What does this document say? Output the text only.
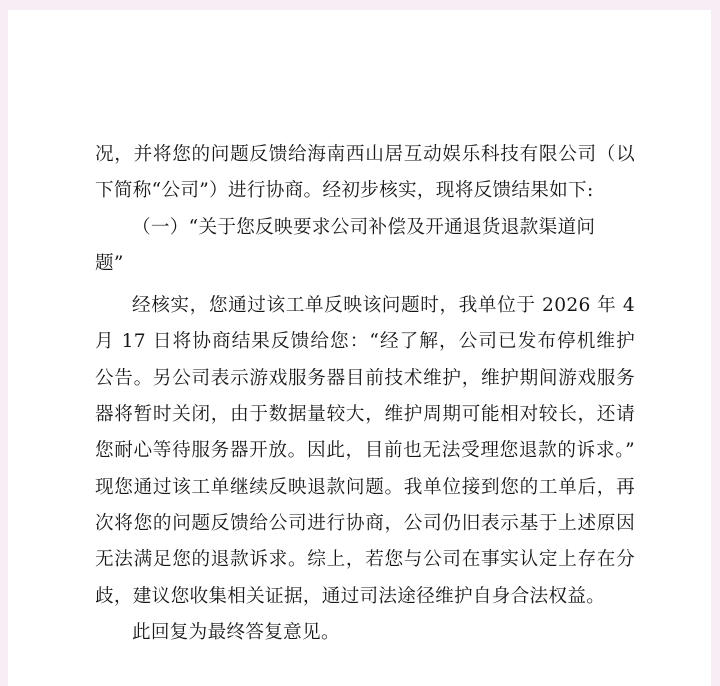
况，并将您的问题反馈给海南西山居互动娱乐科技有限公司（以
下简称“公司”）进行协商。经初步核实，现将反馈结果如下:
（一）“关于您反映要求公司补偿及开通退货退款渠道问
题”
经核实，您通过该工单反映该问题时，我单位于 2026 年 4
月 17 日将协商结果反馈给您：“经了解，公司已发布停机维护
公告。另公司表示游戏服务器目前技术维护，维护期间游戏服务
器将暂时关闭，由于数据量较大，维护周期可能相对较长，还请
您耐心等待服务器开放。因此，目前也无法受理您退款的诉求。”
现您通过该工单继续反映退款问题。我单位接到您的工单后，再
次将您的问题反馈给公司进行协商，公司仍旧表示基于上述原因
无法满足您的退款诉求。综上，若您与公司在事实认定上存在分
歧，建议您收集相关证据，通过司法途径维护自身合法权益。
此回复为最终答复意见。
